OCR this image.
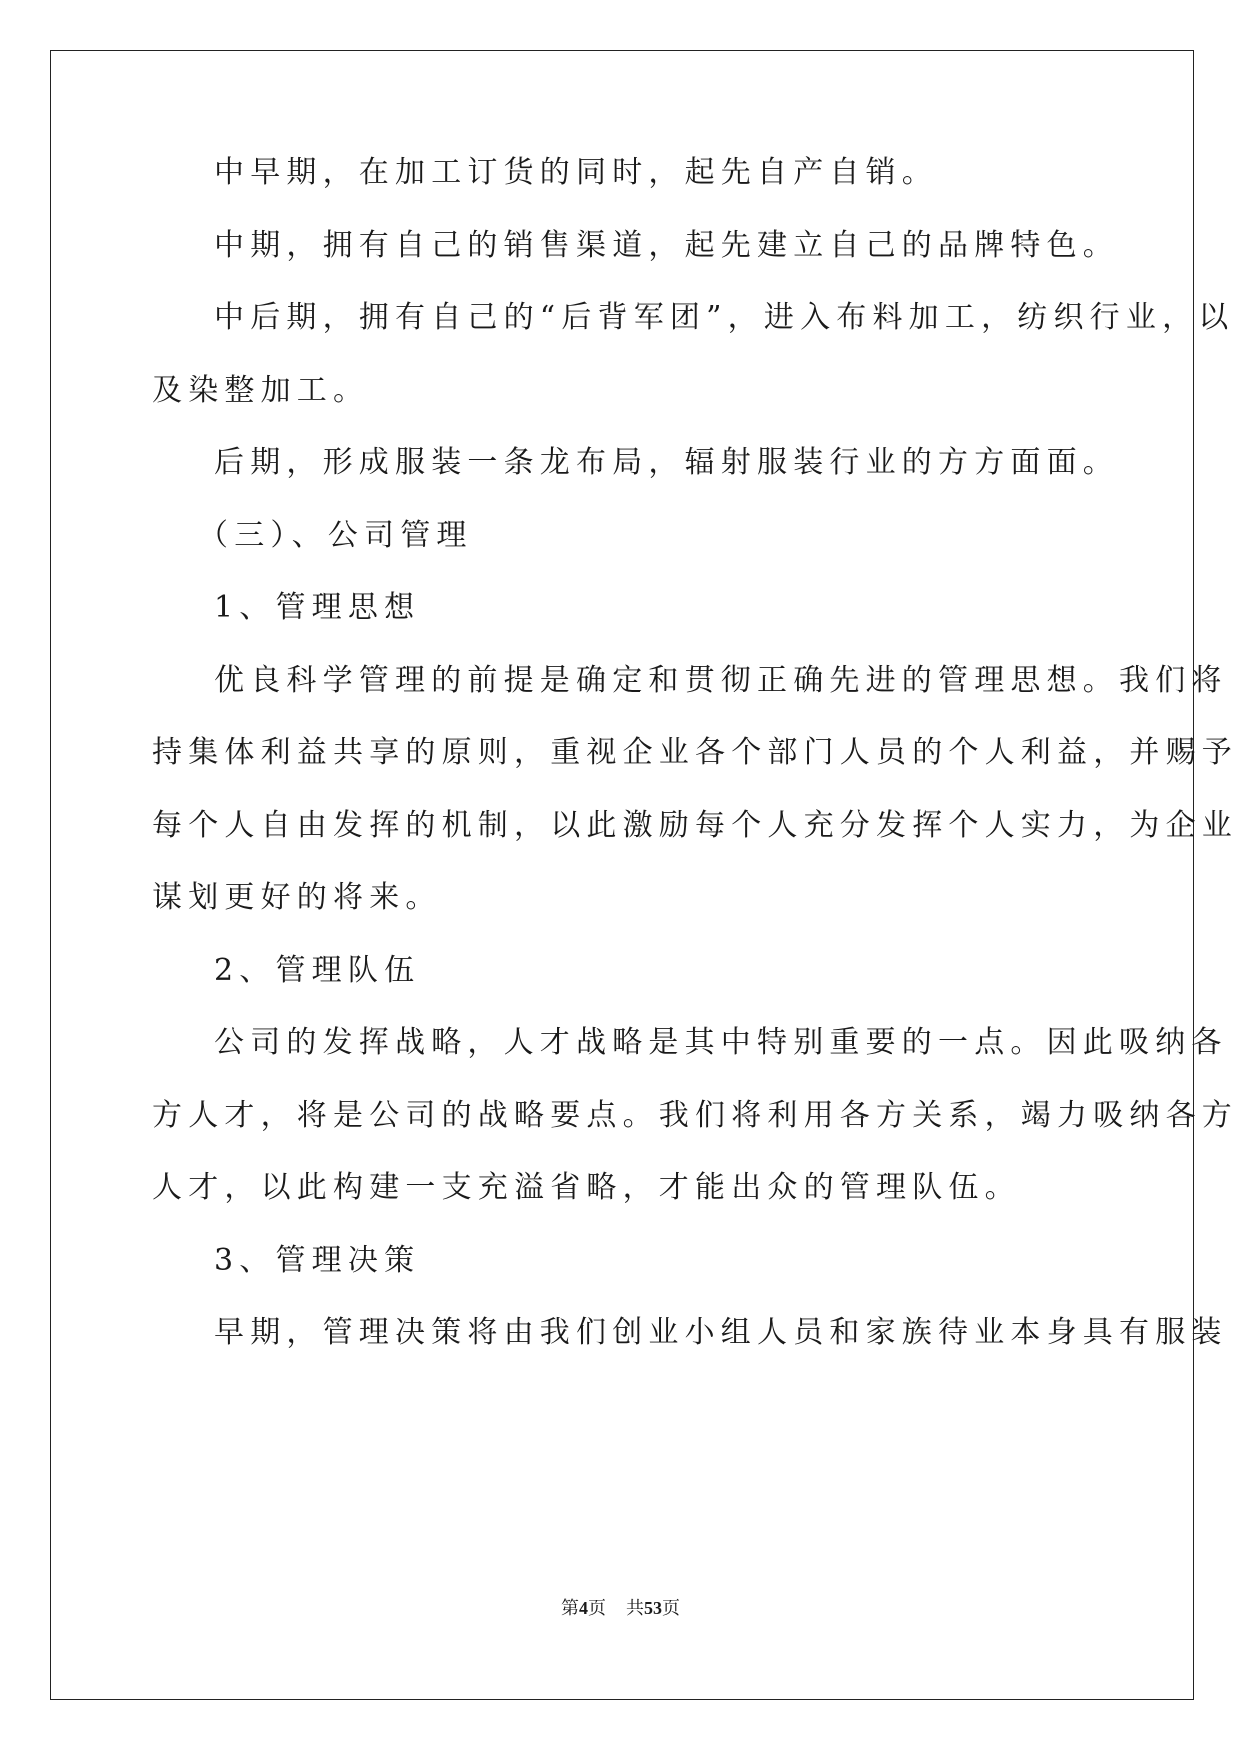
中早期，在加工订货的同时，起先自产自销。
中期，拥有自己的销售渠道，起先建立自己的品牌特色。
中后期，拥有自己的“后背军团”，进入布料加工，纺织行业，以
及染整加工。
后期，形成服装一条龙布局，辐射服装行业的方方面面。
（三）、公司管理
1、管理思想
优良科学管理的前提是确定和贯彻正确先进的管理思想。我们将
持集体利益共享的原则，重视企业各个部门人员的个人利益，并赐予
每个人自由发挥的机制，以此激励每个人充分发挥个人实力，为企业
谋划更好的将来。
2、管理队伍
公司的发挥战略，人才战略是其中特别重要的一点。因此吸纳各
方人才，将是公司的战略要点。我们将利用各方关系，竭力吸纳各方
人才，以此构建一支充溢省略，才能出众的管理队伍。
3、管理决策
早期，管理决策将由我们创业小组人员和家族待业本身具有服装
第4页 共53页
